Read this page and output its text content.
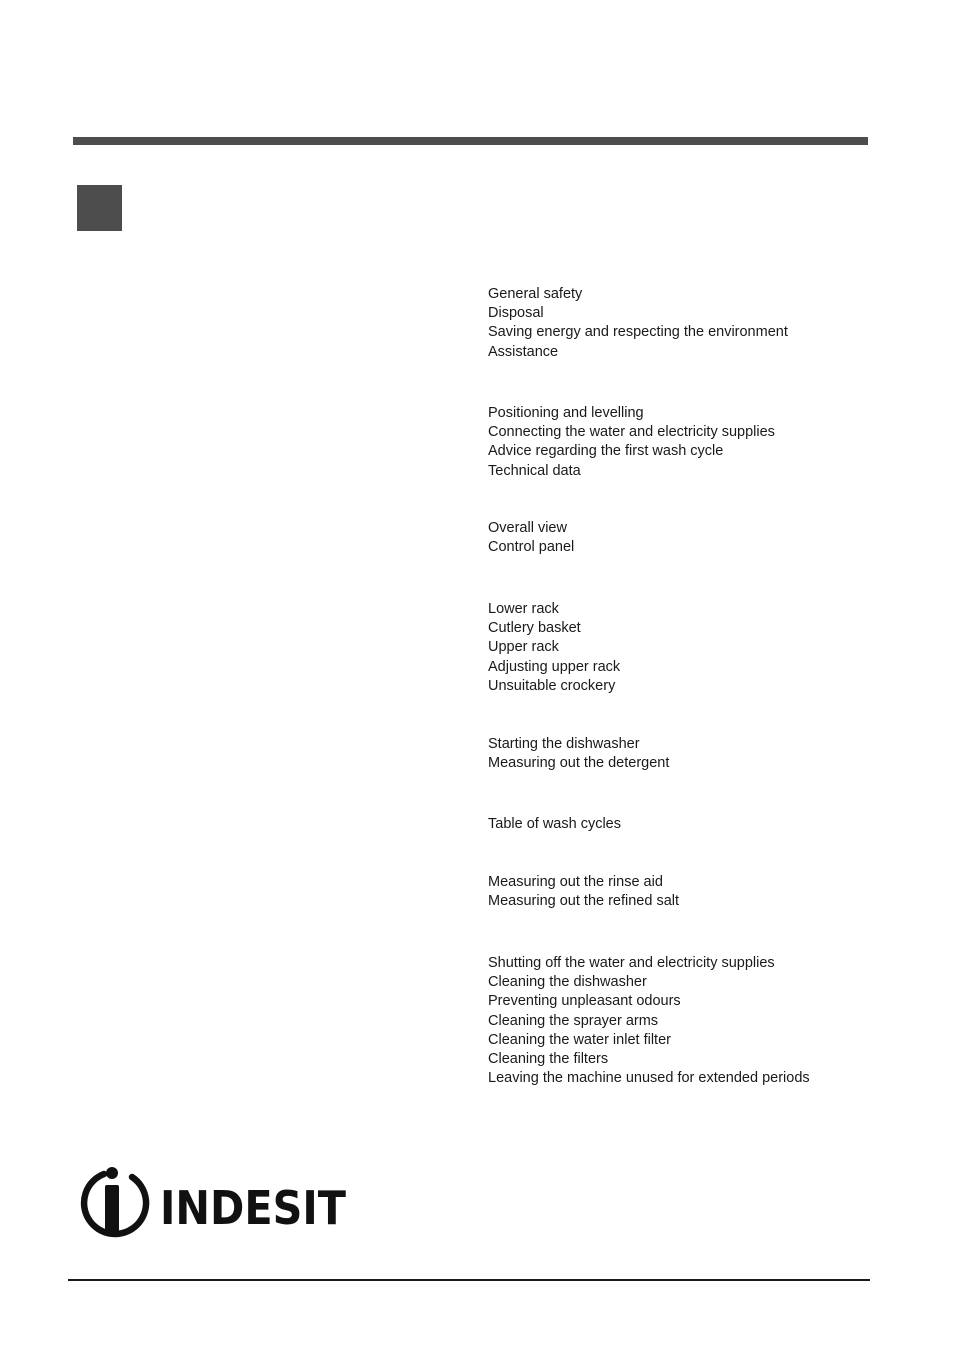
General safety
Disposal
Saving energy and respecting the environment
Assistance
Positioning and levelling
Connecting the water and electricity supplies
Advice regarding the first wash cycle
Technical data
Overall view
Control panel
Lower rack
Cutlery basket
Upper rack
Adjusting upper rack
Unsuitable crockery
Starting the dishwasher
Measuring out the detergent
Table of wash cycles
Measuring out the rinse aid
Measuring out the refined salt
Shutting off the water and electricity supplies
Cleaning the dishwasher
Preventing unpleasant odours
Cleaning the sprayer arms
Cleaning the water inlet filter
Cleaning the filters
Leaving the machine unused for extended periods
INDESIT
